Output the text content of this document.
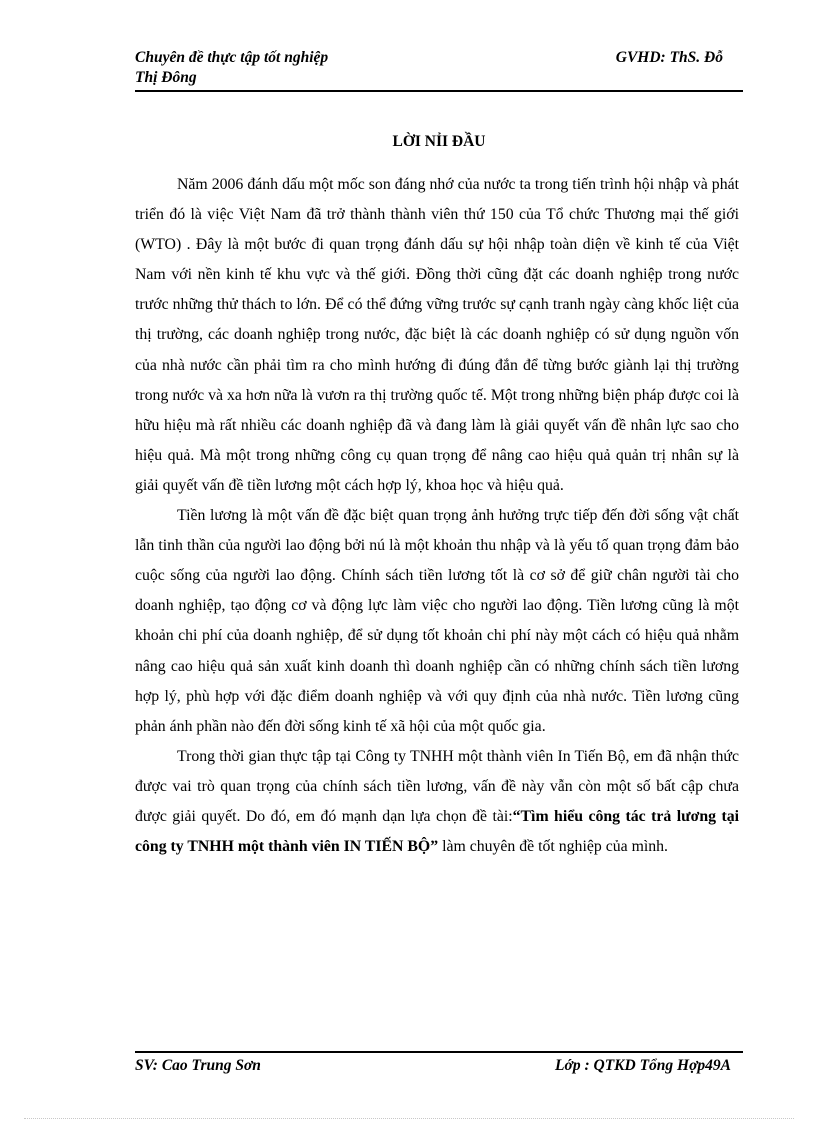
Chuyên đề thực tập tốt nghiệp
Thị Đông
GVHD: ThS. Đỗ
LỜI NỈI ĐẦU

Năm 2006 đánh dấu một mốc son đáng nhớ của nước ta trong tiến trình hội nhập và phát triển đó là việc Việt Nam đã trở thành thành viên thứ 150 của Tổ chức Thương mại thế giới (WTO) . Đây là một bước đi quan trọng đánh dấu sự hội nhập toàn diện về kinh tế của Việt Nam với nền kinh tế khu vực và thế giới. Đồng thời cũng đặt các doanh nghiệp trong nước trước những thử thách to lớn. Để có thể đứng vững trước sự cạnh tranh ngày càng khốc liệt của thị trường, các doanh nghiệp trong nước, đặc biệt là các doanh nghiệp có sử dụng nguồn vốn của nhà nước cần phải tìm ra cho mình hướng đi đúng đắn để từng bước giành lại thị trường trong nước và xa hơn nữa là vươn ra thị trường quốc tế. Một trong những biện pháp được coi là hữu hiệu mà rất nhiều các doanh nghiệp đã và đang làm là giải quyết vấn đề nhân lực sao cho hiệu quả. Mà một trong những công cụ quan trọng để nâng cao hiệu quả quản trị nhân sự là giải quyết vấn đề tiền lương một cách hợp lý, khoa học và hiệu quả.

Tiền lương là một vấn đề đặc biệt quan trọng ảnh hưởng trực tiếp đến đời sống vật chất lẫn tinh thần của người lao động bởi nú là một khoản thu nhập và là yếu tố quan trọng đảm bảo cuộc sống của người lao động. Chính sách tiền lương tốt là cơ sở để giữ chân người tài cho doanh nghiệp, tạo động cơ và động lực làm việc cho người lao động. Tiền lương cũng là một khoản chi phí của doanh nghiệp, để sử dụng tốt khoản chi phí này một cách có hiệu quả nhằm nâng cao hiệu quả sản xuất kinh doanh thì doanh nghiệp cần có những chính sách tiền lương hợp lý, phù hợp với đặc điểm doanh nghiệp và với quy định của nhà nước. Tiền lương cũng phản ánh phần nào đến đời sống kinh tế xã hội của một quốc gia.

Trong thời gian thực tập tại Công ty TNHH một thành viên In Tiến Bộ, em đã nhận thức được vai trò quan trọng của chính sách tiền lương, vấn đề này vẫn còn một số bất cập chưa được giải quyết. Do đó, em đó mạnh dạn lựa chọn đề tài:“Tìm hiểu công tác trả lương tại công ty TNHH một thành viên IN TIẾN BỘ” làm chuyên đề tốt nghiệp của mình.

SV: Cao Trung Sơn	Lớp : QTKD Tổng Hợp49A
